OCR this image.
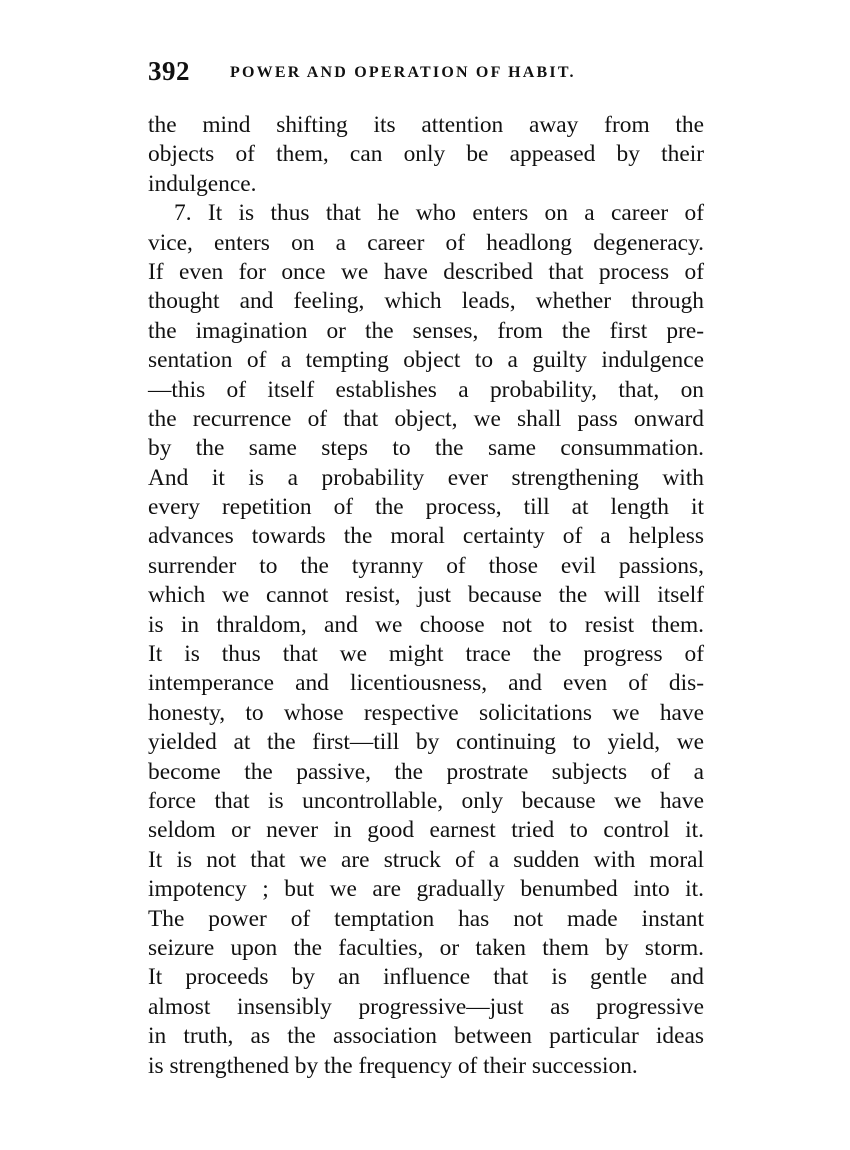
392	POWER AND OPERATION OF HABIT.
the mind shifting its attention away from the
objects of them, can only be appeased by their
indulgence.
7. It is thus that he who enters on a career of
vice, enters on a career of headlong degeneracy.
If even for once we have described that process of
thought and feeling, which leads, whether through
the imagination or the senses, from the first pre-
sentation of a tempting object to a guilty indulgence
—this of itself establishes a probability, that, on
the recurrence of that object, we shall pass onward
by the same steps to the same consummation.
And it is a probability ever strengthening with
every repetition of the process, till at length it
advances towards the moral certainty of a helpless
surrender to the tyranny of those evil passions,
which we cannot resist, just because the will itself
is in thraldom, and we choose not to resist them.
It is thus that we might trace the progress of
intemperance and licentiousness, and even of dis-
honesty, to whose respective solicitations we have
yielded at the first—till by continuing to yield, we
become the passive, the prostrate subjects of a
force that is uncontrollable, only because we have
seldom or never in good earnest tried to control it.
It is not that we are struck of a sudden with moral
impotency ; but we are gradually benumbed into it.
The power of temptation has not made instant
seizure upon the faculties, or taken them by storm.
It proceeds by an influence that is gentle and
almost insensibly progressive—just as progressive
in truth, as the association between particular ideas
is strengthened by the frequency of their succession.
